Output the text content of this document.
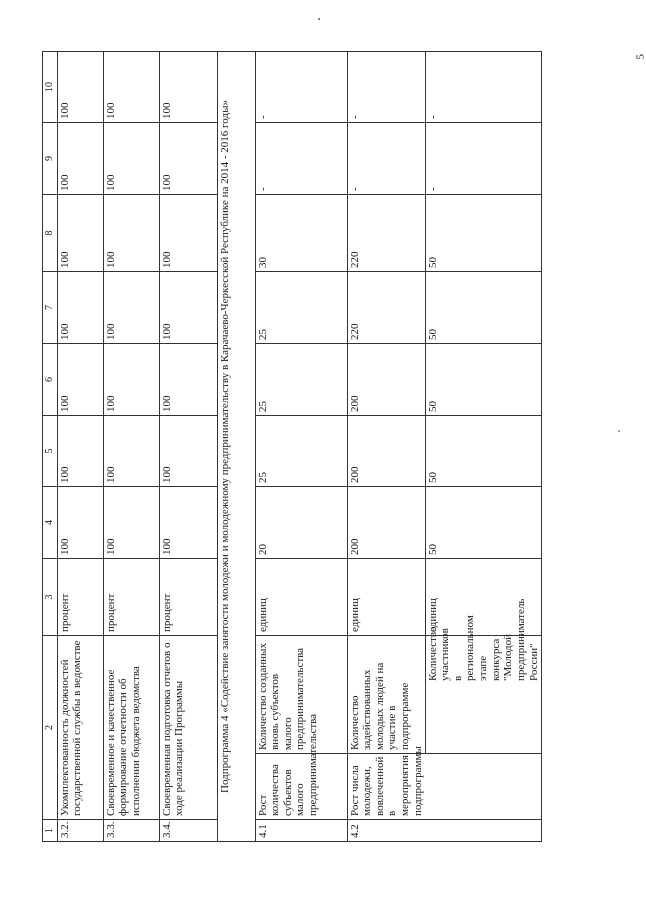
5
1	2		3	4	5	6	7	8	9	10
3.2.	Укомплектованность должностей государственной службы в ведомстве		процент	100	100	100	100	100	100	100
3.3.	Своевременное и качественное формирование отчетности об исполнении бюджета ведомства		процент	100	100	100	100	100	100	100
3.4.	Своевременная подготовка отчетов о ходе реализации Программы		процент	100	100	100	100	100	100	100
Подпрограмма 4 «Содействие занятости молодежи и молодежному предпринимательству в Карачаево-Черкесской Республике на 2014 - 2016 годы»										
4.1	Рост количества субъектов малого предпринимательства	Количество созданных вновь субъектов малого предпринимательства	единиц	20	25	25	25	30	-	-
4.2	Рост числа молодежи, вовлеченной в мероприятия подпрограммы	Количество задействованных молодых людей на участие в подпрограмме	единиц	200	200	200	220	220	-	-
		Количество участников в региональном этапе конкурса "Молодой предприниматель России"	единиц	50	50	50	50	50	-	-
